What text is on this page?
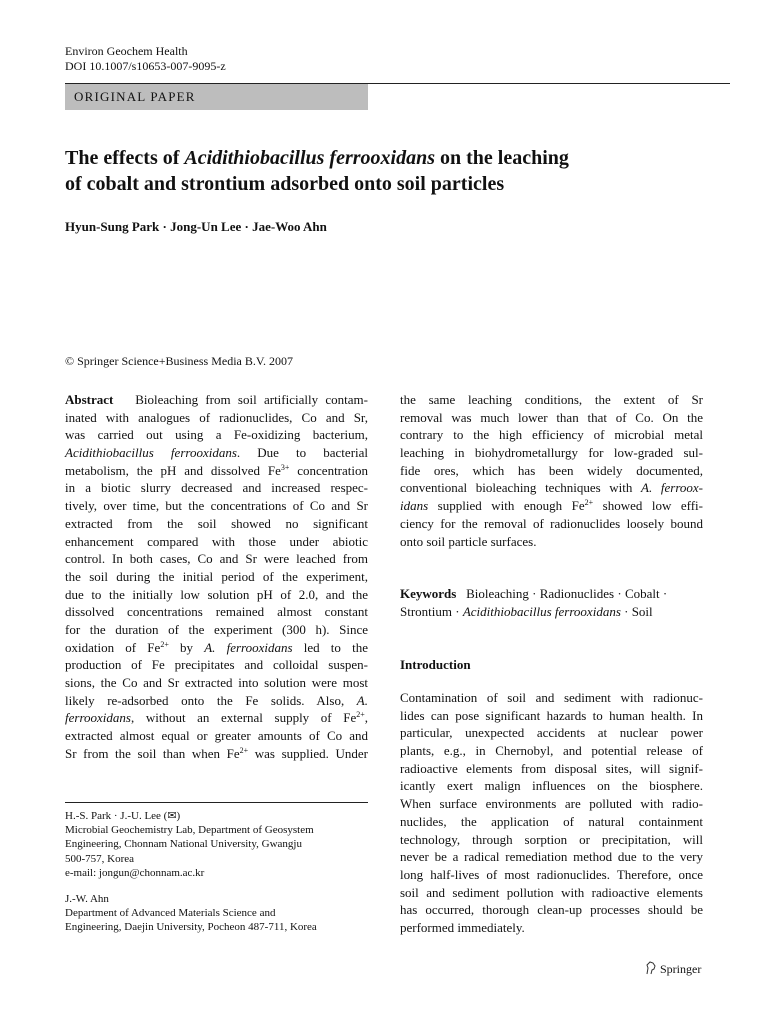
Environ Geochem Health
DOI 10.1007/s10653-007-9095-z
ORIGINAL PAPER
The effects of Acidithiobacillus ferrooxidans on the leaching
of cobalt and strontium adsorbed onto soil particles
Hyun-Sung Park · Jong-Un Lee · Jae-Woo Ahn
© Springer Science+Business Media B.V. 2007
Abstract Bioleaching from soil artificially contam-
inated with analogues of radionuclides, Co and Sr,
was carried out using a Fe-oxidizing bacterium,
Acidithiobacillus ferrooxidans. Due to bacterial
metabolism, the pH and dissolved $Fe^{3+}$ concentration
in a biotic slurry decreased and increased respec-
tively, over time, but the concentrations of Co and Sr
extracted from the soil showed no significant
enhancement compared with those under abiotic
control. In both cases, Co and Sr were leached from
the soil during the initial period of the experiment,
due to the initially low solution pH of 2.0, and the
dissolved concentrations remained almost constant
for the duration of the experiment (300 h). Since
oxidation of $Fe^{2+}$ by A. ferrooxidans led to the
production of Fe precipitates and colloidal suspen-
sions, the Co and Sr extracted into solution were most
likely re-adsorbed onto the Fe solids. Also, A.
ferrooxidans, without an external supply of $Fe^{2+}$,
extracted almost equal or greater amounts of Co and
Sr from the soil than when $Fe^{2+}$ was supplied. Under
the same leaching conditions, the extent of Sr
removal was much lower than that of Co. On the
contrary to the high efficiency of microbial metal
leaching in biohydrometallurgy for low-graded sul-
fide ores, which has been widely documented,
conventional bioleaching techniques with A. ferroox-
idans supplied with enough $Fe^{2+}$ showed low effi-
ciency for the removal of radionuclides loosely bound
onto soil particle surfaces.
Keywords Bioleaching · Radionuclides · Cobalt ·
Strontium · Acidithiobacillus ferrooxidans · Soil
Introduction
Contamination of soil and sediment with radionuc-
lides can pose significant hazards to human health. In
particular, unexpected accidents at nuclear power
plants, e.g., in Chernobyl, and potential release of
radioactive elements from disposal sites, will signif-
icantly exert malign influences on the biosphere.
When surface environments are polluted with radio-
nuclides, the application of natural containment
technology, through sorption or precipitation, will
never be a radical remediation method due to the very
long half-lives of most radionuclides. Therefore, once
soil and sediment pollution with radioactive elements
has occurred, thorough clean-up processes should be
performed immediately.
H.-S. Park · J.-U. Lee (✉)
Microbial Geochemistry Lab, Department of Geosystem
Engineering, Chonnam National University, Gwangju
500-757, Korea
e-mail: jongun@chonnam.ac.kr
J.-W. Ahn
Department of Advanced Materials Science and
Engineering, Daejin University, Pocheon 487-711, Korea
Springer
